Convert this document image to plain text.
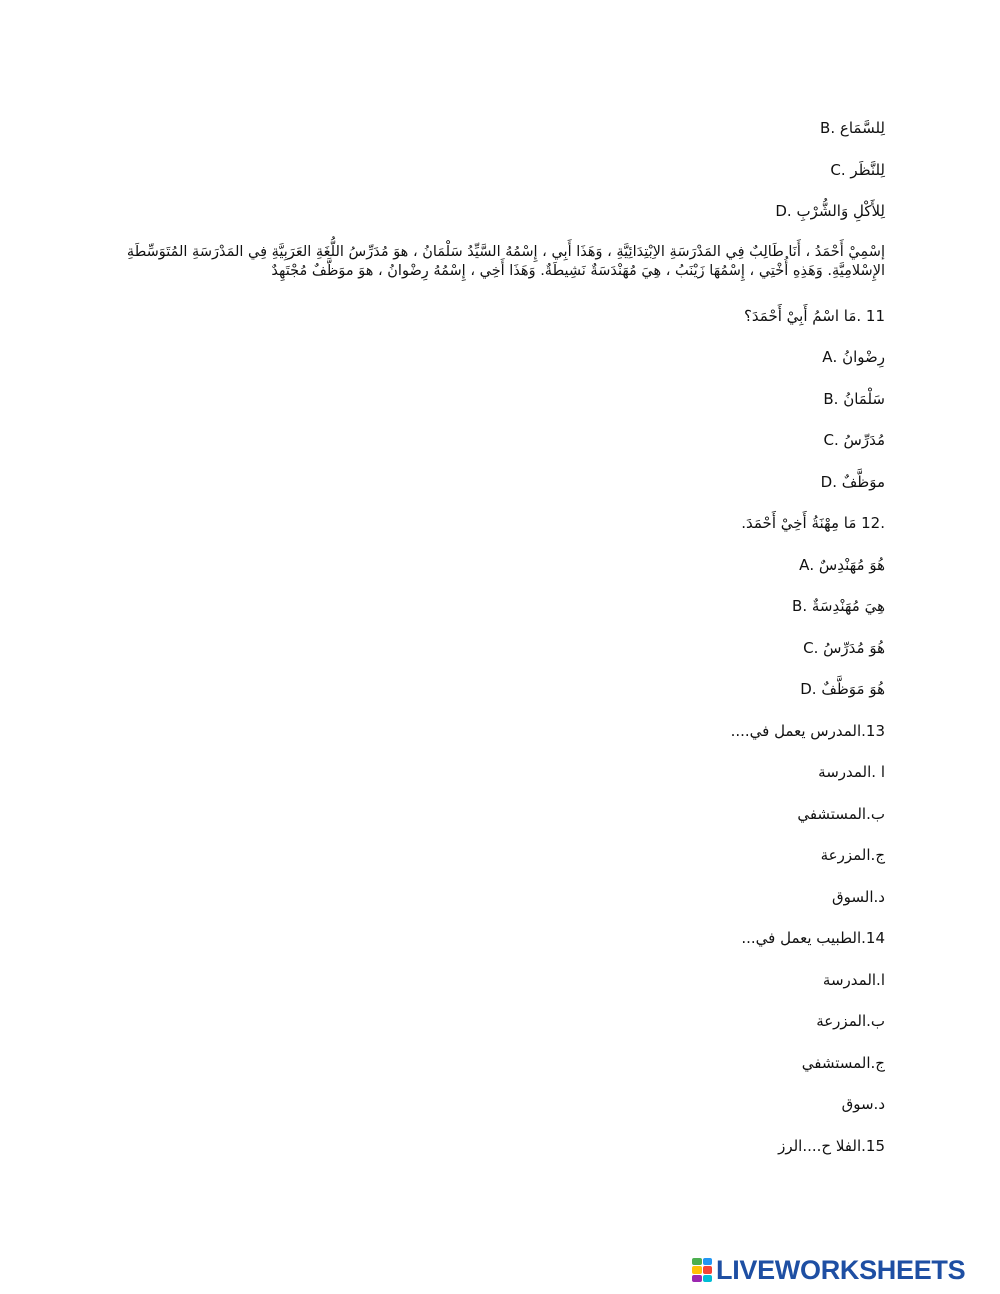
لِلسَّمَاع .B
لِلنَّظَر .C
لِلأَكْلِ وَالشُّرْبِ .D
إسْمِيْ أَحْمَدُ ، أَنَا طَالِبٌ فِي المَدْرَسَةِ الاِبْتِدَائِيَّةِ ، وَهَذَا أَبِي ، إِسْمُهُ السَّيِّدُ سَلْمَانُ ، هوَ مُدَرِّسُ اللُّغَةِ العَرَبِيَّةِ فِي المَدْرَسَةِ المُتَوَسِّطَةِ
الإِسْلامِيَّةِ. وَهَذِهِ أُخْتِي ، إِسْمُهَا زَيْنَبُ ، هِيَ مُهَنْدَسَةٌ نَشِيطَةٌ. وَهَذَا أَخِي ، إِسْمُهُ رِضْوانُ ، هوَ موَظَّفٌ مُجْتَهِدٌ
11 .مَا اسْمُ أَبِيْ أَحْمَدَ؟
رِضْوانُ .A
سَلْمَانُ .B
مُدَرِّسُ .C
موَظَّفٌ .D
.12 مَا مِهْنَةُ أَخِيْ أَحْمَدَ.
هُوَ مُهَنْدِسٌ .A
هِيَ مُهَنْدِسَةٌ .B
هُوَ مُدَرِّسُ .C
هُوَ مَوَظَّفٌ .D
13.المدرس يعمل في....
ا .المدرسة
ب.المستشفي
ج.المزرعة
د.السوق
14.الطبيب يعمل في...
ا.المدرسة
ب.المزرعة
ج.المستشفي
د.سوق
15.الفلا ح....الرز
LIVEWORKSHEETS
